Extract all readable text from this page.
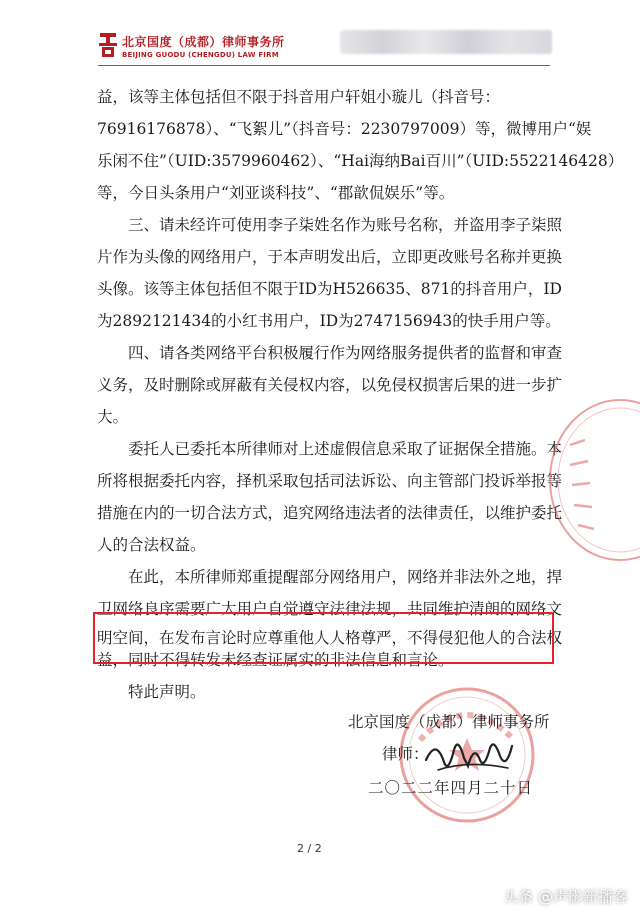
北京国度（成都）律师事务所
BEIJING GUODU (CHENGDU) LAW FIRM
益，该等主体包括但不限于抖音用户轩姐小璇儿（抖音号：
76916176878）、“飞絮儿”（抖音号：2230797009）等，微博用户“娱
乐闲不住”（UID:3579960462）、“Hai海纳Bai百川”（UID:5522146428）
等，今日头条用户“刘亚谈科技”、“郡歆侃娱乐”等。
三、请未经许可使用李子柒姓名作为账号名称，并盗用李子柒照
片作为头像的网络用户，于本声明发出后，立即更改账号名称并更换
头像。该等主体包括但不限于ID为H526635、871的抖音用户，ID
为2892121434的小红书用户，ID为2747156943的快手用户等。
四、请各类网络平台积极履行作为网络服务提供者的监督和审查
义务，及时删除或屏蔽有关侵权内容，以免侵权损害后果的进一步扩
大。
委托人已委托本所律师对上述虚假信息采取了证据保全措施。本
所将根据委托内容，择机采取包括司法诉讼、向主管部门投诉举报等
措施在内的一切合法方式，追究网络违法者的法律责任，以维护委托
人的合法权益。
在此，本所律师郑重提醒部分网络用户，网络并非法外之地，捍
卫网络良序需要广大用户自觉遵守法律法规，共同维护清朗的网络文
明空间，在发布言论时应尊重他人人格尊严，不得侵犯他人的合法权
益，同时不得转发未经查证属实的非法信息和言论。
特此声明。
北京国度（成都）律师事务所
律师：
二〇二二年四月二十日
2 / 2
头条 @声影新播客
